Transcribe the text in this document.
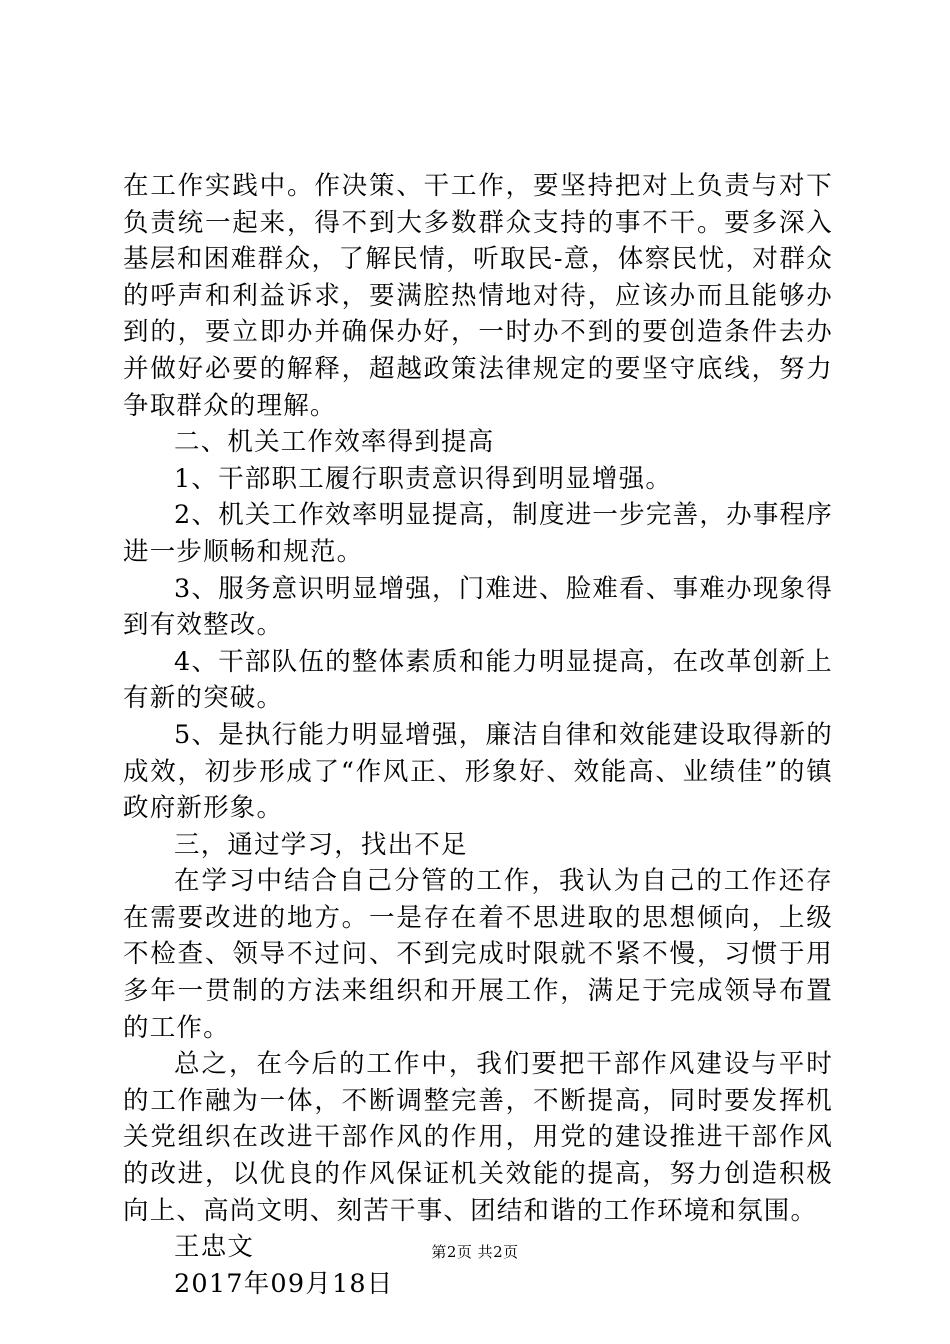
在工作实践中。作决策、干工作，要坚持把对上负责与对下负责统一起来，得不到大多数群众支持的事不干。要多深入基层和困难群众，了解民情，听取民-意，体察民忧，对群众的呼声和利益诉求，要满腔热情地对待，应该办而且能够办到的，要立即办并确保办好，一时办不到的要创造条件去办并做好必要的解释，超越政策法律规定的要坚守底线，努力争取群众的理解。

二、机关工作效率得到提高

1、干部职工履行职责意识得到明显增强。

2、机关工作效率明显提高，制度进一步完善，办事程序进一步顺畅和规范。

3、服务意识明显增强，门难进、脸难看、事难办现象得到有效整改。

4、干部队伍的整体素质和能力明显提高，在改革创新上有新的突破。

5、是执行能力明显增强，廉洁自律和效能建设取得新的成效，初步形成了“作风正、形象好、效能高、业绩佳”的镇政府新形象。

三，通过学习，找出不足

在学习中结合自己分管的工作，我认为自己的工作还存在需要改进的地方。一是存在着不思进取的思想倾向，上级不检查、领导不过问、不到完成时限就不紧不慢，习惯于用多年一贯制的方法来组织和开展工作，满足于完成领导布置的工作。

总之，在今后的工作中，我们要把干部作风建设与平时的工作融为一体，不断调整完善，不断提高，同时要发挥机关党组织在改进干部作风的作用，用党的建设推进干部作风的改进，以优良的作风保证机关效能的提高，努力创造积极向上、高尚文明、刻苦干事、团结和谐的工作环境和氛围。

王忠文

2017年09月18日

第2页 共2页
